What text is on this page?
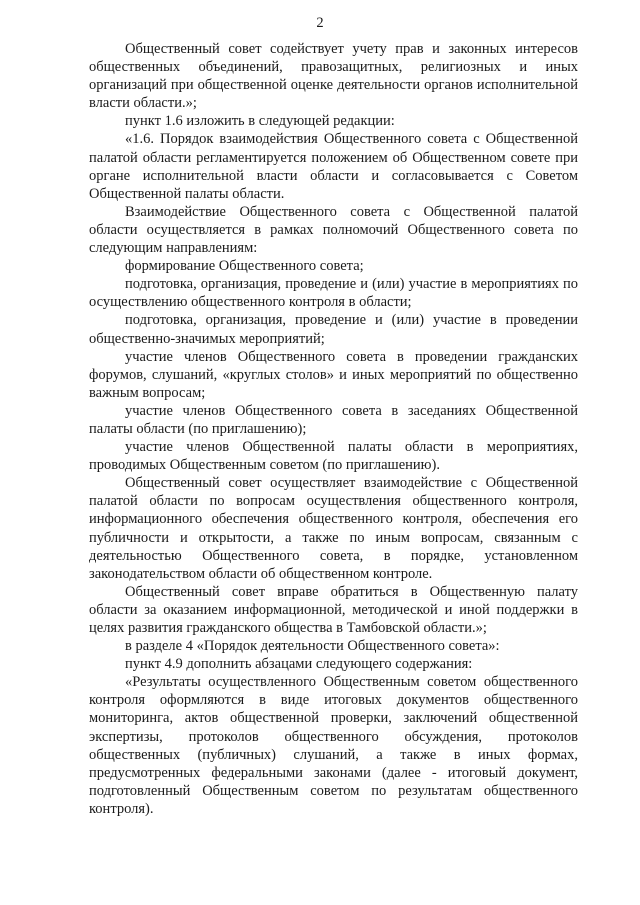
2

Общественный совет содействует учету прав и законных интересов общественных объединений, правозащитных, религиозных и иных организаций при общественной оценке деятельности органов исполнительной власти области.»;

пункт 1.6 изложить в следующей редакции:

«1.6. Порядок взаимодействия Общественного совета с Общественной палатой области регламентируется положением об Общественном совете при органе исполнительной власти области и согласовывается с Советом Общественной палаты области.

Взаимодействие Общественного совета с Общественной палатой области осуществляется в рамках полномочий Общественного совета по следующим направлениям:

формирование Общественного совета;

подготовка, организация, проведение и (или) участие в мероприятиях по осуществлению общественного контроля в области;

подготовка, организация, проведение и (или) участие в проведении общественно-значимых мероприятий;

участие членов Общественного совета в проведении гражданских форумов, слушаний, «круглых столов» и иных мероприятий по общественно важным вопросам;

участие членов Общественного совета в заседаниях Общественной палаты области (по приглашению);

участие членов Общественной палаты области в мероприятиях, проводимых Общественным советом (по приглашению).

Общественный совет осуществляет взаимодействие с Общественной палатой области по вопросам осуществления общественного контроля, информационного обеспечения общественного контроля, обеспечения его публичности и открытости, а также по иным вопросам, связанным с деятельностью Общественного совета, в порядке, установленном законодательством области об общественном контроле.

Общественный совет вправе обратиться в Общественную палату области за оказанием информационной, методической и иной поддержки в целях развития гражданского общества в Тамбовской области.»;

в разделе 4 «Порядок деятельности Общественного совета»:

пункт 4.9 дополнить абзацами следующего содержания:

«Результаты осуществленного Общественным советом общественного контроля оформляются в виде итоговых документов общественного мониторинга, актов общественной проверки, заключений общественной экспертизы, протоколов общественного обсуждения, протоколов общественных (публичных) слушаний, а также в иных формах, предусмотренных федеральными законами (далее - итоговый документ, подготовленный Общественным советом по результатам общественного контроля).
